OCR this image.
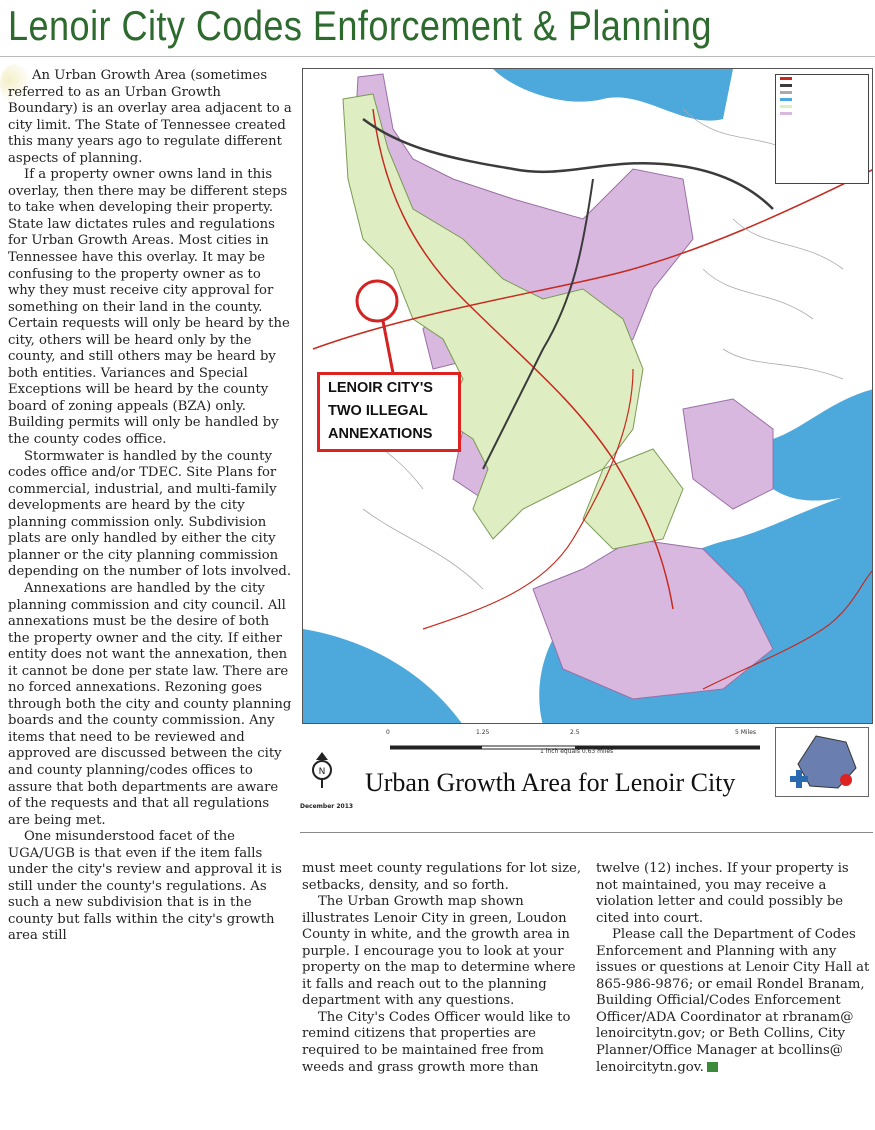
Lenoir City Codes Enforcement & Planning

An Urban Growth Area (sometimes referred to as an Urban Growth Boundary) is an overlay area adjacent to a city limit. The State of Tennessee created this many years ago to regulate different aspects of planning.

If a property owner owns land in this overlay, then there may be different steps to take when developing their property. State law dictates rules and regulations for Urban Growth Areas. Most cities in Tennessee have this overlay. It may be confusing to the property owner as to why they must receive city approval for something on their land in the county. Certain requests will only be heard by the city, others will be heard only by the county, and still others may be heard by both entities. Variances and Special Exceptions will be heard by the county board of zoning appeals (BZA) only. Building permits will only be handled by the county codes office.

Stormwater is handled by the county codes office and/or TDEC. Site Plans for commercial, industrial, and multi-family developments are heard by the city planning commission only. Subdivision plats are only handled by either the city planner or the city planning commission depending on the number of lots involved.

Annexations are handled by the city planning commission and city council. All annexations must be the desire of both the property owner and the city. If either entity does not want the annexation, then it cannot be done per state law. There are no forced annexations. Rezoning goes through both the city and county planning boards and the county commission. Any items that need to be reviewed and approved are discussed between the city and county planning/codes offices to assure that both departments are aware of the requests and that all regulations are being met.

One misunderstood facet of the UGA/UGB is that even if the item falls under the city's review and approval it is still under the county's regulations. As such a new subdivision that is in the county but falls within the city's growth area still

LENOIR CITY'S
TWO ILLEGAL
ANNEXATIONS
0	1.25	2.5	5 Miles
1 inch equals 0.63 miles
N Urban Growth Area for Lenoir City
December 2013

must meet county regulations for lot size, setbacks, density, and so forth.

The Urban Growth map shown illustrates Lenoir City in green, Loudon County in white, and the growth area in purple. I encourage you to look at your property on the map to determine where it falls and reach out to the planning department with any questions.

The City's Codes Officer would like to remind citizens that properties are required to be maintained free from weeds and grass growth more than

twelve (12) inches. If your property is not maintained, you may receive a violation letter and could possibly be cited into court.

Please call the Department of Codes Enforcement and Planning with any issues or questions at Lenoir City Hall at 865-986-9876; or email Rondel Branam, Building Official/Codes Enforcement Officer/ADA Coordinator at rbranam@ lenoircitytn.gov; or Beth Collins, City Planner/Office Manager at bcollins@ lenoircitytn.gov.
